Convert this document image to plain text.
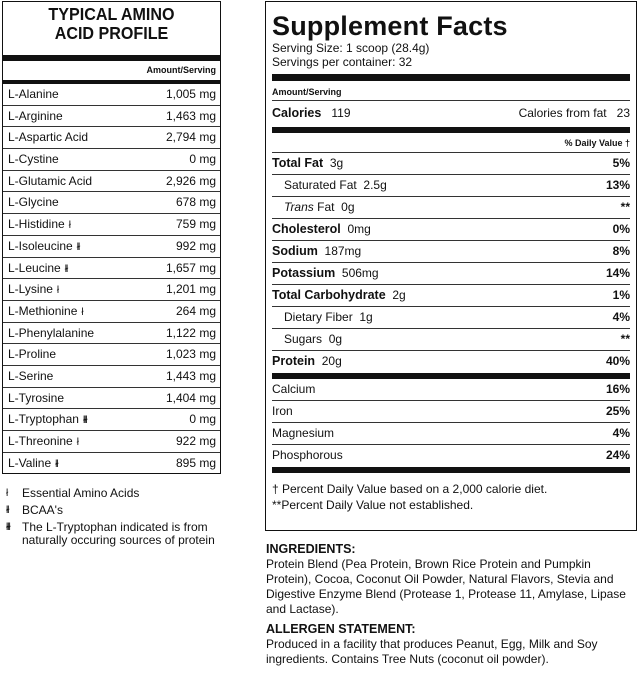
TYPICAL AMINO
ACID PROFILE
Amount/Serving
L-Alanine	1,005 mg
L-Arginine	1,463 mg
L-Aspartic Acid	2,794 mg
L-Cystine	0 mg
L-Glutamic Acid	2,926 mg
L-Glycine	678 mg
L-Histidine ł	759 mg
L-Isoleucine łł	992 mg
L-Leucine łł	1,657 mg
L-Lysine ł	1,201 mg
L-Methionine ł	264 mg
L-Phenylalanine	1,122 mg
L-Proline	1,023 mg
L-Serine	1,443 mg
L-Tyrosine	1,404 mg
L-Tryptophan łłł	0 mg
L-Threonine ł	922 mg
L-Valine łł	895 mg
ł Essential Amino Acids
łł BCAA's
łłł The L-Tryptophan indicated is from naturally occuring sources of protein
Supplement Facts
Serving Size: 1 scoop (28.4g)
Servings per container: 32
Amount/Serving
Calories 119	Calories from fat 23
% Daily Value †
Total Fat 3g	5%
Saturated Fat 2.5g	13%
Trans Fat 0g	**
Cholesterol 0mg	0%
Sodium 187mg	8%
Potassium 506mg	14%
Total Carbohydrate 2g	1%
Dietary Fiber 1g	4%
Sugars 0g	**
Protein 20g	40%
Calcium	16%
Iron	25%
Magnesium	4%
Phosphorous	24%
† Percent Daily Value based on a 2,000 calorie diet.
**Percent Daily Value not established.
INGREDIENTS:
Protein Blend (Pea Protein, Brown Rice Protein and Pumpkin Protein), Cocoa, Coconut Oil Powder, Natural Flavors, Stevia and Digestive Enzyme Blend (Protease 1, Protease 11, Amylase, Lipase and Lactase).
ALLERGEN STATEMENT:
Produced in a facility that produces Peanut, Egg, Milk and Soy ingredients. Contains Tree Nuts (coconut oil powder).
